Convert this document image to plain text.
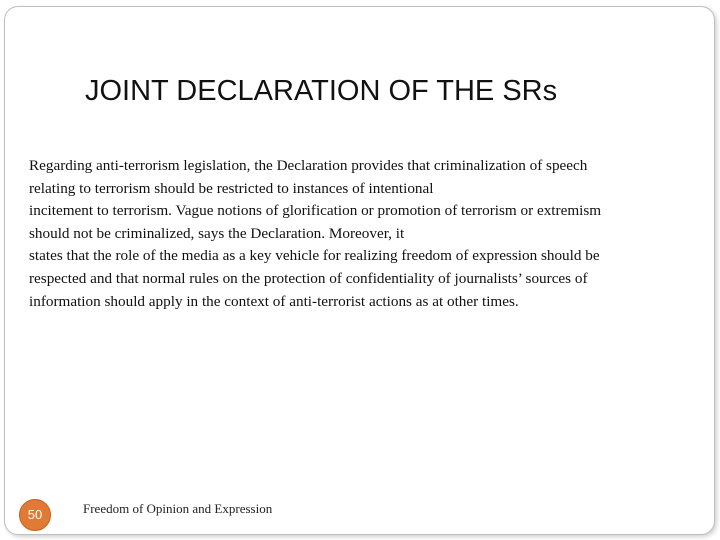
JOINT DECLARATION OF THE SRs
Regarding anti-terrorism legislation, the Declaration provides that criminalization of speech
relating to terrorism should be restricted to instances of intentional
incitement to terrorism. Vague notions of glorification or promotion of terrorism or extremism
should not be criminalized, says the Declaration. Moreover, it
states that the role of the media as a key vehicle for realizing freedom of expression should be
respected and that normal rules on the protection of confidentiality of journalists’ sources of
information should apply in the context of anti-terrorist actions as at other times.
50	Freedom of Opinion and Expression
